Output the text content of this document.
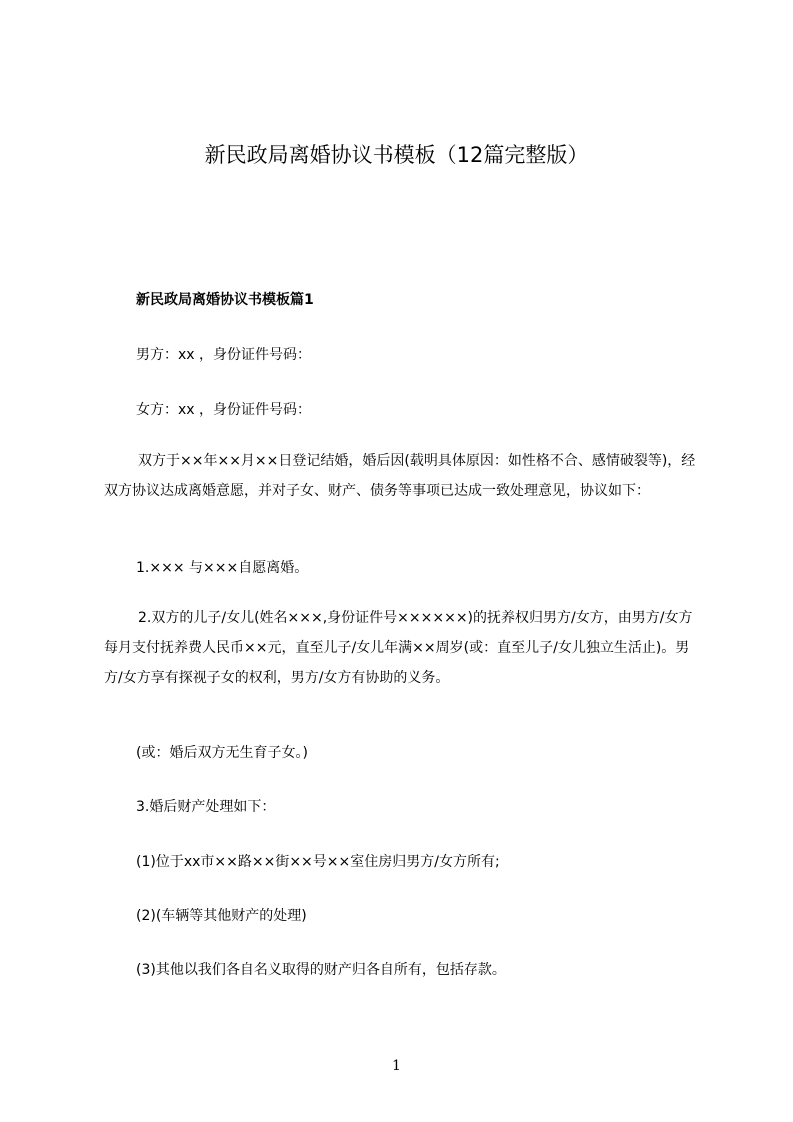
新民政局离婚协议书模板（12篇完整版）
新民政局离婚协议书模板篇1
男方：xx ，身份证件号码：
女方：xx ，身份证件号码：
双方于××年××月××日登记结婚，婚后因(载明具体原因：如性格不合、感情破裂等)，经双方协议达成离婚意愿，并对子女、财产、债务等事项已达成一致处理意见，协议如下：
1.××× 与×××自愿离婚。
2.双方的儿子/女儿(姓名×××,身份证件号××××××)的抚养权归男方/女方，由男方/女方每月支付抚养费人民币××元，直至儿子/女儿年满××周岁(或：直至儿子/女儿独立生活止)。男方/女方享有探视子女的权利，男方/女方有协助的义务。
(或：婚后双方无生育子女。)
3.婚后财产处理如下：
(1)位于xx市××路××街××号××室住房归男方/女方所有;
(2)(车辆等其他财产的处理)
(3)其他以我们各自名义取得的财产归各自所有，包括存款。
1
